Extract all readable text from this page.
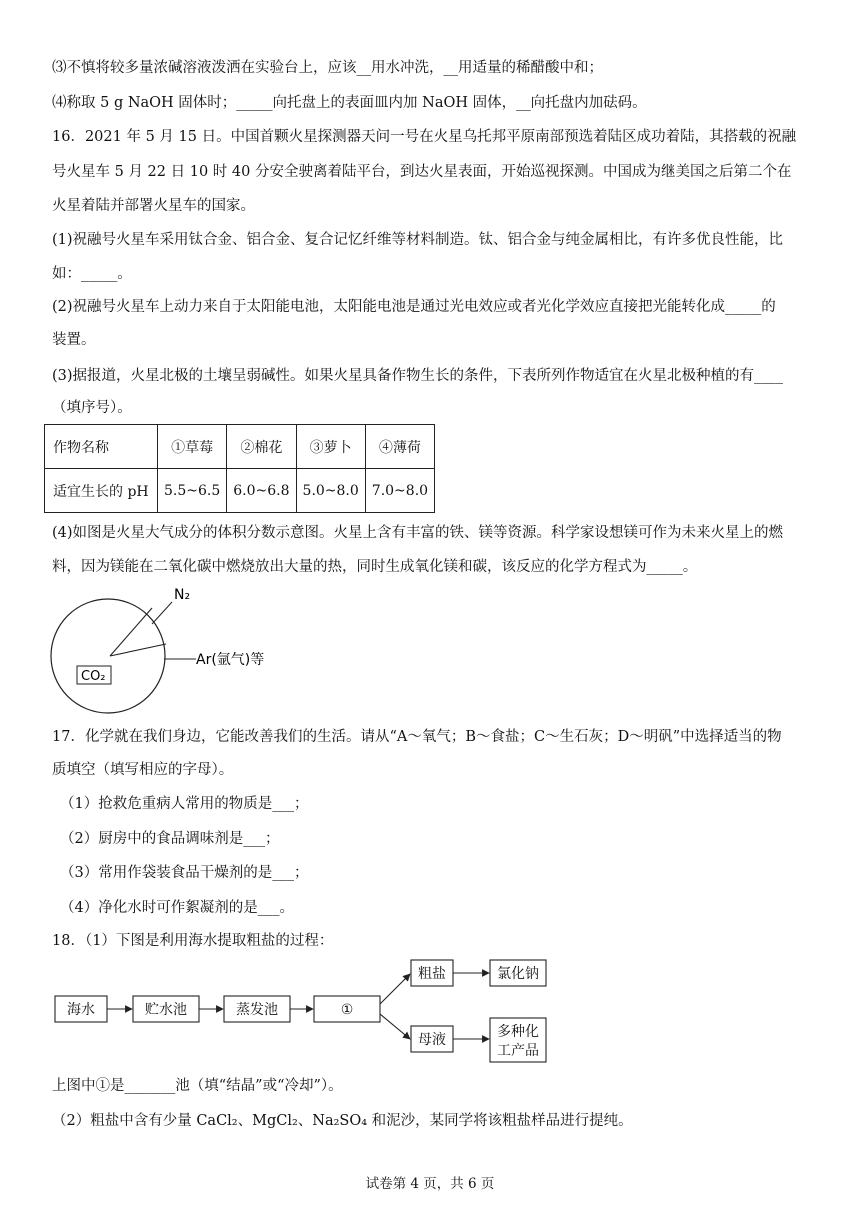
⑶不慎将较多量浓碱溶液泼洒在实验台上，应该__用水冲洗，__用适量的稀醋酸中和；
⑷称取 5 g NaOH 固体时；_____向托盘上的表面皿内加 NaOH 固体，__向托盘内加砝码。
16．2021 年 5 月 15 日。中国首颗火星探测器天问一号在火星乌托邦平原南部预选着陆区成功着陆，其搭载的祝融
号火星车 5 月 22 日 10 时 40 分安全驶离着陆平台，到达火星表面，开始巡视探测。中国成为继美国之后第二个在
火星着陆并部署火星车的国家。
(1)祝融号火星车采用钛合金、铝合金、复合记忆纤维等材料制造。钛、铝合金与纯金属相比，有许多优良性能，比
如：_____。
(2)祝融号火星车上动力来自于太阳能电池，太阳能电池是通过光电效应或者光化学效应直接把光能转化成_____的
装置。
(3)据报道，火星北极的土壤呈弱碱性。如果火星具备作物生长的条件，下表所列作物适宜在火星北极种植的有____
（填序号）。
作物名称	①草莓	②棉花	③萝卜	④薄荷
适宜生长的 pH	5.5~6.5	6.0~6.8	5.0~8.0	7.0~8.0
(4)如图是火星大气成分的体积分数示意图。火星上含有丰富的铁、镁等资源。科学家设想镁可作为未来火星上的燃
料，因为镁能在二氧化碳中燃烧放出大量的热，同时生成氧化镁和碳，该反应的化学方程式为_____。
N₂
Ar(氩气)等
CO₂
17．化学就在我们身边，它能改善我们的生活。请从“A～氧气；B～食盐；C～生石灰；D～明矾”中选择适当的物
质填空（填写相应的字母）。
（1）抢救危重病人常用的物质是___；
（2）厨房中的食品调味剂是___；
（3）常用作袋装食品干燥剂的是___；
（4）净化水时可作絮凝剂的是___。
18．（1）下图是利用海水提取粗盐的过程：
海水	贮水池	蒸发池	①
粗盐	氯化钠
母液	多种化
工产品
上图中①是_______池（填“结晶”或“冷却”）。
（2）粗盐中含有少量 CaCl₂、MgCl₂、Na₂SO₄ 和泥沙，某同学将该粗盐样品进行提纯。
试卷第 4 页，共 6 页
